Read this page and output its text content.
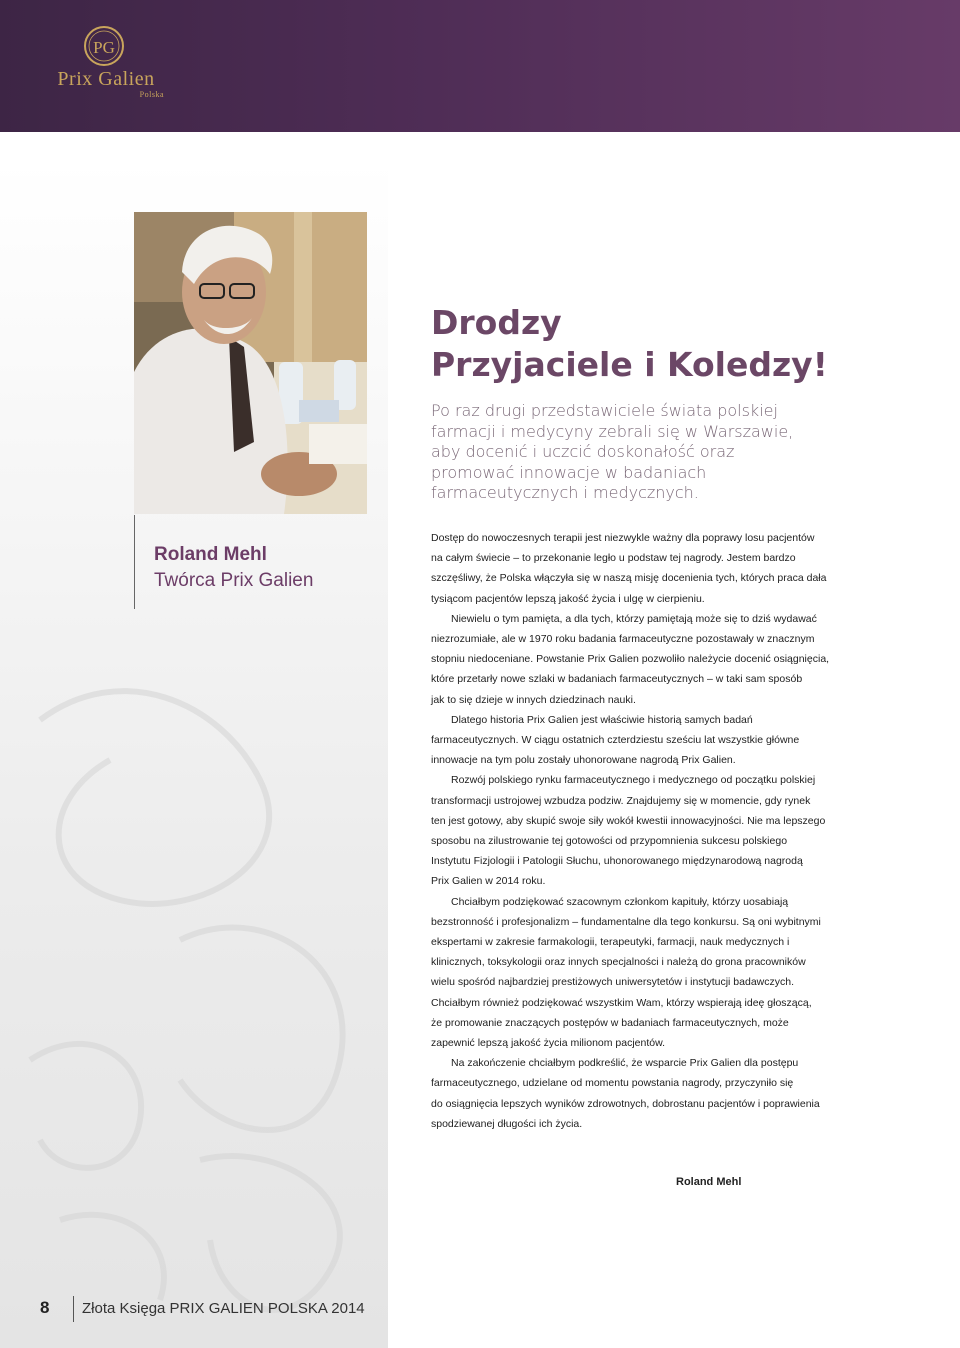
PG
Prix Galien
Polska
Roland Mehl
Twórca Prix Galien
Drodzy
Przyjaciele i Koledzy!
Po raz drugi przedstawiciele świata polskiej
farmacji i medycyny zebrali się w Warszawie,
aby docenić i uczcić doskonałość oraz
promować innowacje w badaniach
farmaceutycznych i medycznych.
Dostęp do nowoczesnych terapii jest niezwykle ważny dla poprawy losu pacjentów
na całym świecie – to przekonanie legło u podstaw tej nagrody. Jestem bardzo
szczęśliwy, że Polska włączyła się w naszą misję docenienia tych, których praca dała
tysiącom pacjentów lepszą jakość życia i ulgę w cierpieniu.
Niewielu o tym pamięta, a dla tych, którzy pamiętają może się to dziś wydawać
niezrozumiałe, ale w 1970 roku badania farmaceutyczne pozostawały w znacznym
stopniu niedoceniane. Powstanie Prix Galien pozwoliło należycie docenić osiągnięcia,
które przetarły nowe szlaki w badaniach farmaceutycznych – w taki sam sposób
jak to się dzieje w innych dziedzinach nauki.
Dlatego historia Prix Galien jest właściwie historią samych badań
farmaceutycznych. W ciągu ostatnich czterdziestu sześciu lat wszystkie główne
innowacje na tym polu zostały uhonorowane nagrodą Prix Galien.
Rozwój polskiego rynku farmaceutycznego i medycznego od początku polskiej
transformacji ustrojowej wzbudza podziw. Znajdujemy się w momencie, gdy rynek
ten jest gotowy, aby skupić swoje siły wokół kwestii innowacyjności. Nie ma lepszego
sposobu na zilustrowanie tej gotowości od przypomnienia sukcesu polskiego
Instytutu Fizjologii i Patologii Słuchu, uhonorowanego międzynarodową nagrodą
Prix Galien w 2014 roku.
Chciałbym podziękować szacownym członkom kapituły, którzy uosabiają
bezstronność i profesjonalizm – fundamentalne dla tego konkursu. Są oni wybitnymi
ekspertami w zakresie farmakologii, terapeutyki, farmacji, nauk medycznych i
klinicznych, toksykologii oraz innych specjalności i należą do grona pracowników
wielu spośród najbardziej prestiżowych uniwersytetów i instytucji badawczych.
Chciałbym również podziękować wszystkim Wam, którzy wspierają ideę głoszącą,
że promowanie znaczących postępów w badaniach farmaceutycznych, może
zapewnić lepszą jakość życia milionom pacjentów.
Na zakończenie chciałbym podkreślić, że wsparcie Prix Galien dla postępu
farmaceutycznego, udzielane od momentu powstania nagrody, przyczyniło się
do osiągnięcia lepszych wyników zdrowotnych, dobrostanu pacjentów i poprawienia
spodziewanej długości ich życia.
Roland Mehl
8 Złota Księga PRIX GALIEN POLSKA 2014
